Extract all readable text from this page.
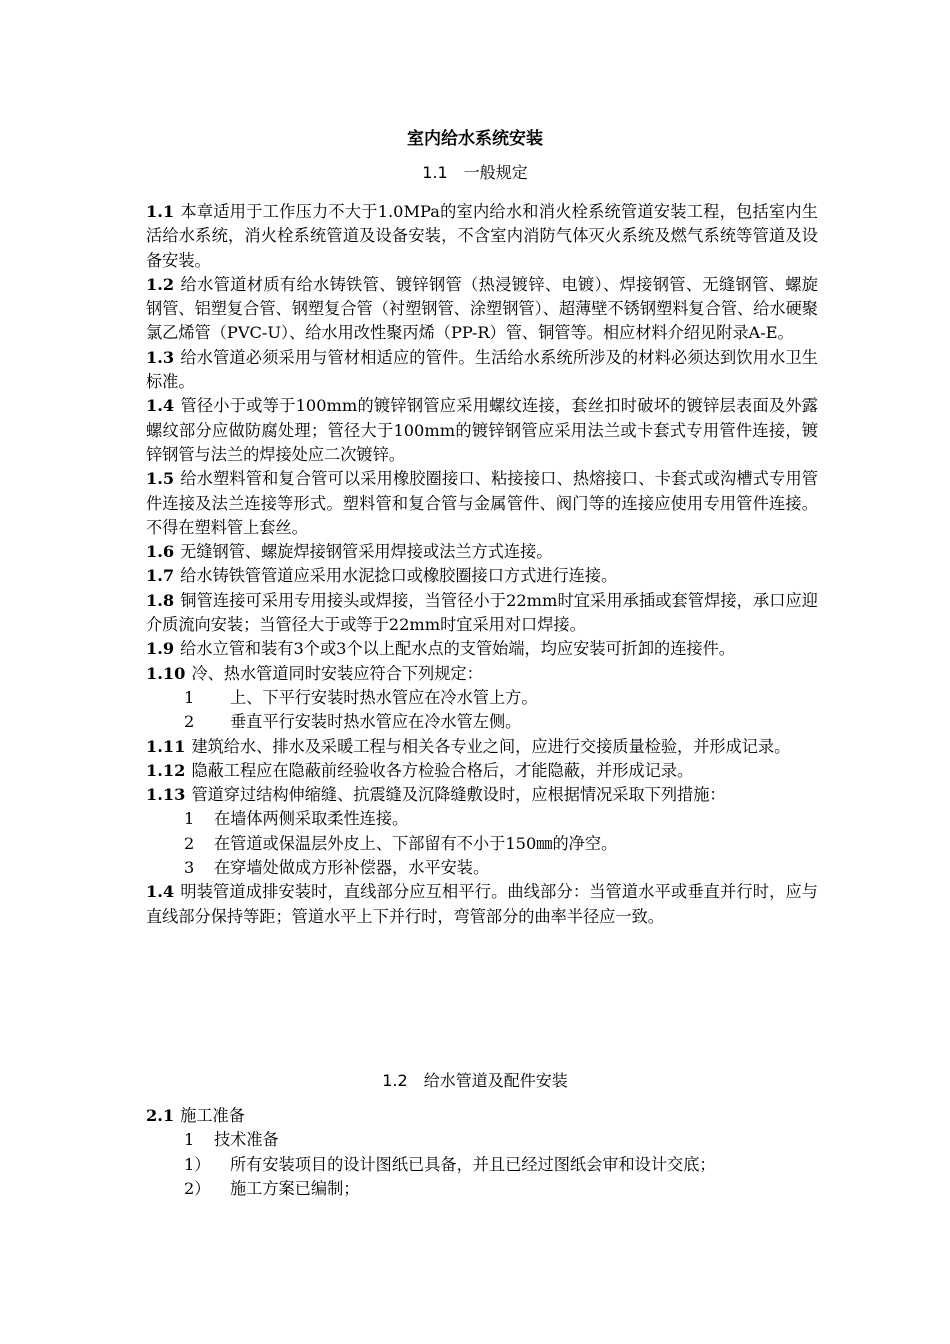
室内给水系统安装
1.1 一般规定

1.1 本章适用于工作压力不大于1.0MPa的室内给水和消火栓系统管道安装工程，包括室内生活给水系统，消火栓系统管道及设备安装，不含室内消防气体灭火系统及燃气系统等管道及设备安装。

1.2 给水管道材质有给水铸铁管、镀锌钢管（热浸镀锌、电镀）、焊接钢管、无缝钢管、螺旋钢管、铝塑复合管、钢塑复合管（衬塑钢管、涂塑钢管）、超薄壁不锈钢塑料复合管、给水硬聚氯乙烯管（PVC-U）、给水用改性聚丙烯（PP-R）管、铜管等。相应材料介绍见附录A-E。

1.3 给水管道必须采用与管材相适应的管件。生活给水系统所涉及的材料必须达到饮用水卫生标准。

1.4 管径小于或等于100mm的镀锌钢管应采用螺纹连接，套丝扣时破坏的镀锌层表面及外露螺纹部分应做防腐处理；管径大于100mm的镀锌钢管应采用法兰或卡套式专用管件连接，镀锌钢管与法兰的焊接处应二次镀锌。

1.5 给水塑料管和复合管可以采用橡胶圈接口、粘接接口、热熔接口、卡套式或沟槽式专用管件连接及法兰连接等形式。塑料管和复合管与金属管件、阀门等的连接应使用专用管件连接。不得在塑料管上套丝。

1.6 无缝钢管、螺旋焊接钢管采用焊接或法兰方式连接。

1.7 给水铸铁管管道应采用水泥捻口或橡胶圈接口方式进行连接。

1.8 铜管连接可采用专用接头或焊接，当管径小于22mm时宜采用承插或套管焊接，承口应迎介质流向安装；当管径大于或等于22mm时宜采用对口焊接。

1.9 给水立管和装有3个或3个以上配水点的支管始端，均应安装可折卸的连接件。

1.10 冷、热水管道同时安装应符合下列规定：

1 上、下平行安装时热水管应在冷水管上方。

2 垂直平行安装时热水管应在冷水管左侧。

1.11 建筑给水、排水及采暖工程与相关各专业之间，应进行交接质量检验，并形成记录。

1.12 隐蔽工程应在隐蔽前经验收各方检验合格后，才能隐蔽，并形成记录。

1.13 管道穿过结构伸缩缝、抗震缝及沉降缝敷设时，应根据情况采取下列措施：

1 在墙体两侧采取柔性连接。

2 在管道或保温层外皮上、下部留有不小于150㎜的净空。

3 在穿墙处做成方形补偿器，水平安装。

1.4 明装管道成排安装时，直线部分应互相平行。曲线部分：当管道水平或垂直并行时，应与直线部分保持等距；管道水平上下并行时，弯管部分的曲率半径应一致。

1.2 给水管道及配件安装

2.1 施工准备

1 技术准备

1） 所有安装项目的设计图纸已具备，并且已经过图纸会审和设计交底；

2） 施工方案已编制；
